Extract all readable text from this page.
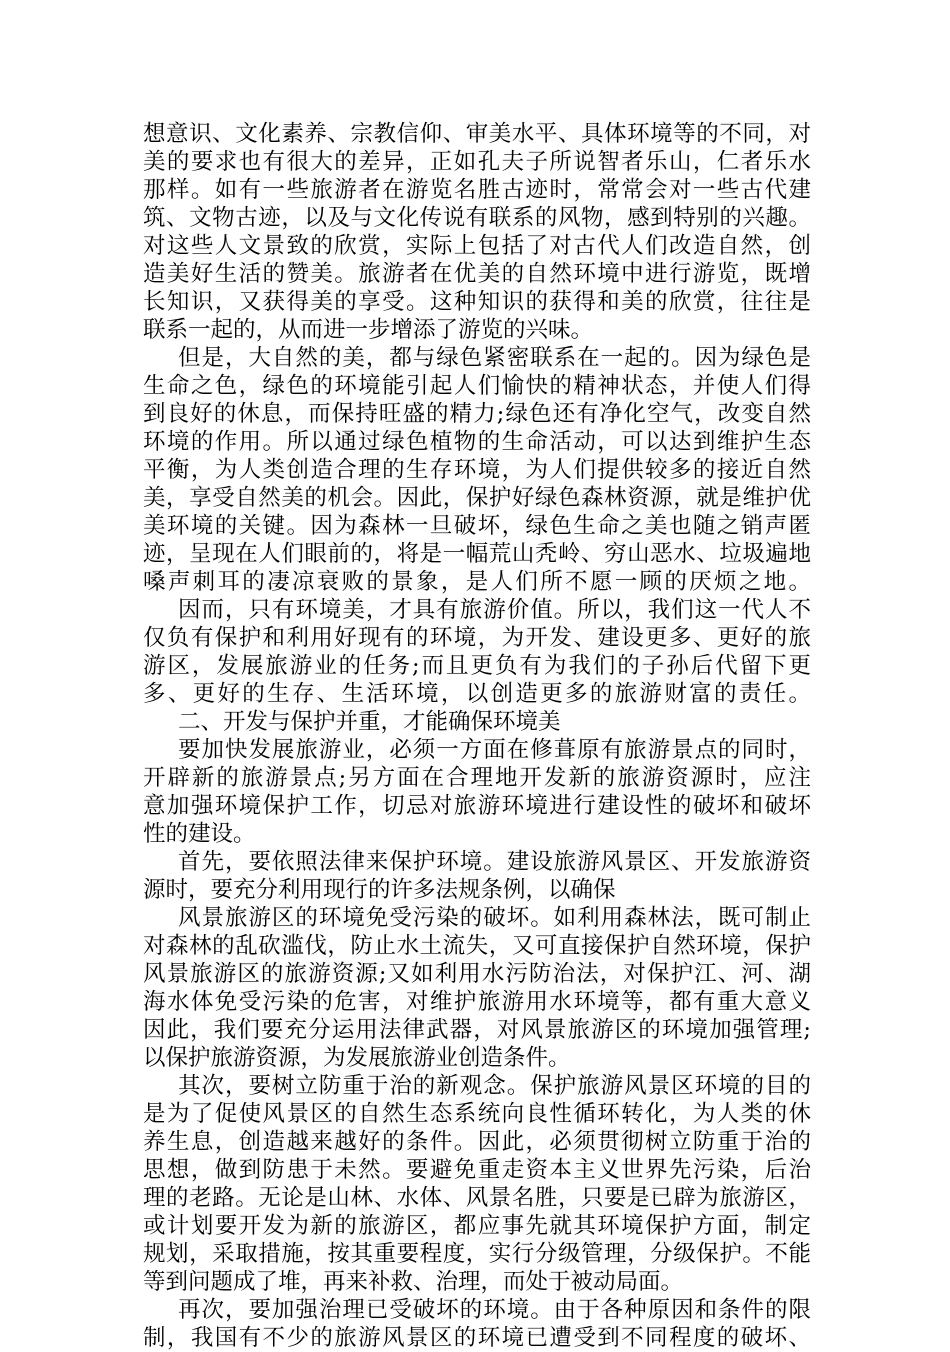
想意识、文化素养、宗教信仰、审美水平、具体环境等的不同，对
美的要求也有很大的差异，正如孔夫子所说智者乐山，仁者乐水
那样。如有一些旅游者在游览名胜古迹时，常常会对一些古代建
筑、文物古迹，以及与文化传说有联系的风物，感到特别的兴趣。
对这些人文景致的欣赏，实际上包括了对古代人们改造自然，创
造美好生活的赞美。旅游者在优美的自然环境中进行游览，既增
长知识，又获得美的享受。这种知识的获得和美的欣赏，往往是
联系一起的，从而进一步增添了游览的兴味。
但是，大自然的美，都与绿色紧密联系在一起的。因为绿色是
生命之色，绿色的环境能引起人们愉快的精神状态，并使人们得
到良好的休息，而保持旺盛的精力;绿色还有净化空气，改变自然
环境的作用。所以通过绿色植物的生命活动，可以达到维护生态
平衡，为人类创造合理的生存环境，为人们提供较多的接近自然
美，享受自然美的机会。因此，保护好绿色森林资源，就是维护优
美环境的关键。因为森林一旦破坏，绿色生命之美也随之销声匿
迹，呈现在人们眼前的，将是一幅荒山秃岭、穷山恶水、垃圾遍地
嗓声刺耳的凄凉衰败的景象，是人们所不愿一顾的厌烦之地。
因而，只有环境美，才具有旅游价值。所以，我们这一代人不
仅负有保护和利用好现有的环境，为开发、建设更多、更好的旅
游区，发展旅游业的任务;而且更负有为我们的子孙后代留下更
多、更好的生存、生活环境，以创造更多的旅游财富的责任。
二、开发与保护并重，才能确保环境美
要加快发展旅游业，必须一方面在修葺原有旅游景点的同时，
开辟新的旅游景点;另方面在合理地开发新的旅游资源时，应注
意加强环境保护工作，切忌对旅游环境进行建设性的破坏和破坏
性的建设。
首先，要依照法律来保护环境。建设旅游风景区、开发旅游资
源时，要充分利用现行的许多法规条例，以确保
风景旅游区的环境免受污染的破坏。如利用森林法，既可制止
对森林的乱砍滥伐，防止水土流失，又可直接保护自然环境，保护
风景旅游区的旅游资源;又如利用水污防治法，对保护江、河、湖
海水体免受污染的危害，对维护旅游用水环境等，都有重大意义
因此，我们要充分运用法律武器，对风景旅游区的环境加强管理;
以保护旅游资源，为发展旅游业创造条件。
其次，要树立防重于治的新观念。保护旅游风景区环境的目的
是为了促使风景区的自然生态系统向良性循环转化，为人类的休
养生息，创造越来越好的条件。因此，必须贯彻树立防重于治的
思想，做到防患于未然。要避免重走资本主义世界先污染，后治
理的老路。无论是山林、水体、风景名胜，只要是已辟为旅游区，
或计划要开发为新的旅游区，都应事先就其环境保护方面，制定
规划，采取措施，按其重要程度，实行分级管理，分级保护。不能
等到问题成了堆，再来补救、治理，而处于被动局面。
再次，要加强治理已受破坏的环境。由于各种原因和条件的限
制，我国有不少的旅游风景区的环境已遭受到不同程度的破坏、
